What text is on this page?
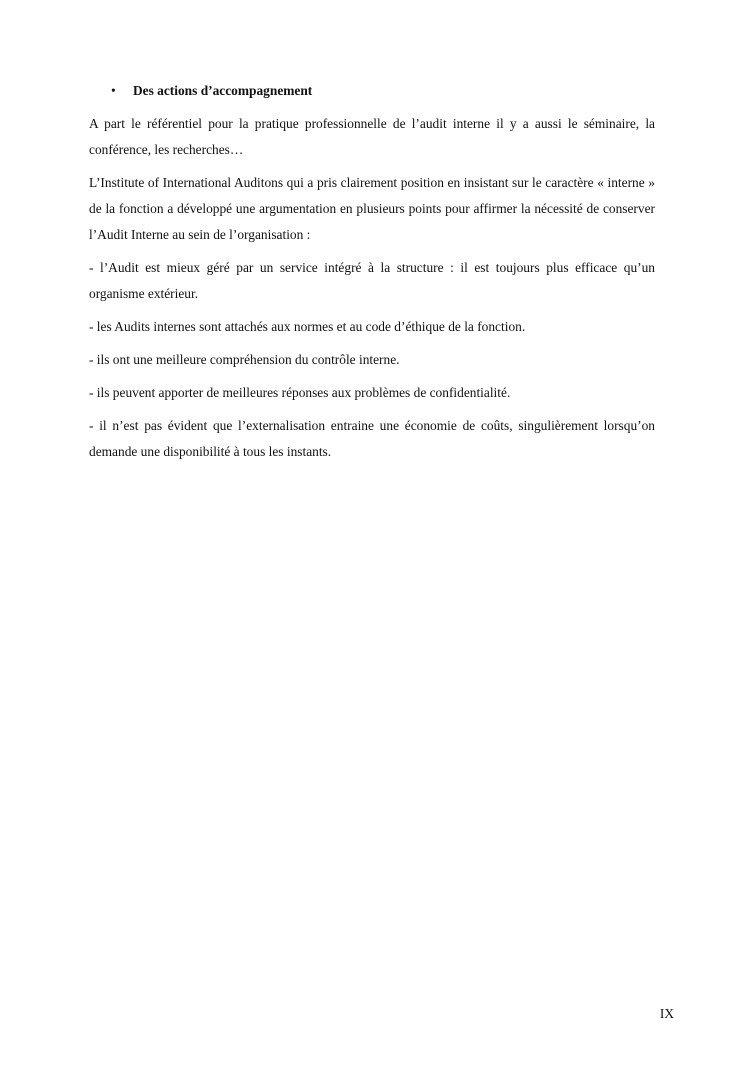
• Des actions d’accompagnement

A part le référentiel pour la pratique professionnelle de l’audit interne il y a aussi le séminaire, la conférence, les recherches…

L’Institute of International Auditons qui a pris clairement position en insistant sur le caractère « interne » de la fonction a développé une argumentation en plusieurs points pour affirmer la nécessité de conserver l’Audit Interne au sein de l’organisation :

- l’Audit est mieux géré par un service intégré à la structure : il est toujours plus efficace qu’un organisme extérieur.

- les Audits internes sont attachés aux normes et au code d’éthique de la fonction.

- ils ont une meilleure compréhension du contrôle interne.

- ils peuvent apporter de meilleures réponses aux problèmes de confidentialité.

- il n’est pas évident que l’externalisation entraine une économie de coûts, singulièrement lorsqu’on demande une disponibilité à tous les instants.

IX
